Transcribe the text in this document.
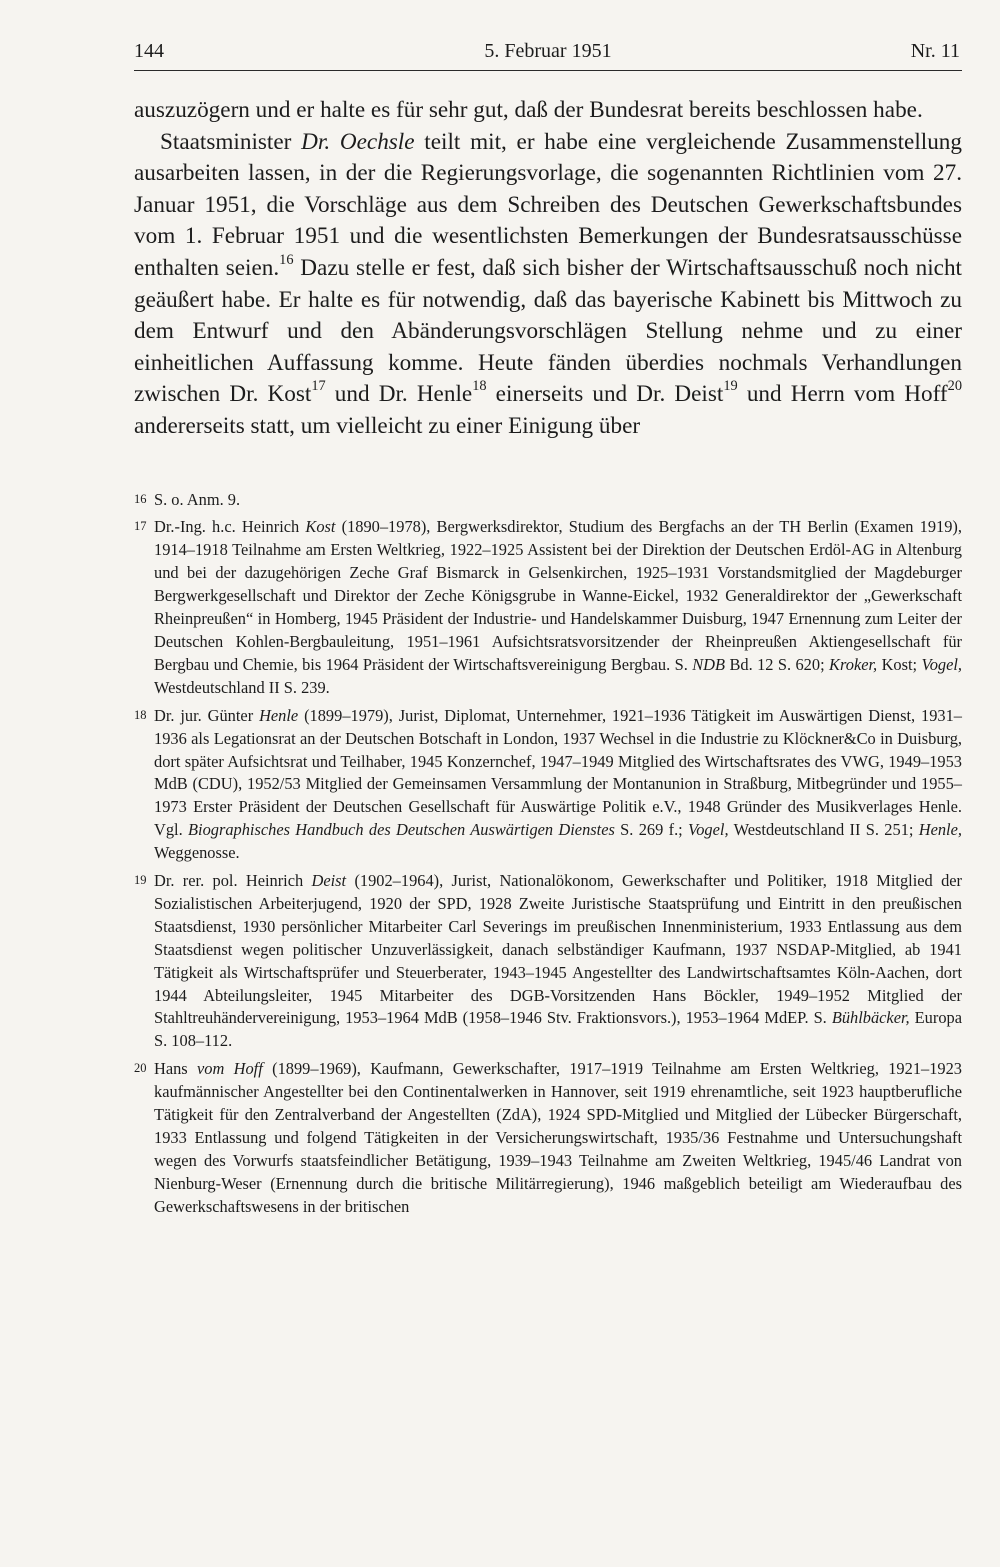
144	5. Februar 1951	Nr. 11

auszuzögern und er halte es für sehr gut, daß der Bundesrat bereits beschlossen habe.

Staatsminister Dr. Oechsle teilt mit, er habe eine vergleichende Zusammenstellung ausarbeiten lassen, in der die Regierungsvorlage, die sogenannten Richtlinien vom 27. Januar 1951, die Vorschläge aus dem Schreiben des Deutschen Gewerkschaftsbundes vom 1. Februar 1951 und die wesentlichsten Bemerkungen der Bundesratsausschüsse enthalten seien.$^{16}$ Dazu stelle er fest, daß sich bisher der Wirtschaftsausschuß noch nicht geäußert habe. Er halte es für notwendig, daß das bayerische Kabinett bis Mittwoch zu dem Entwurf und den Abänderungsvorschlägen Stellung nehme und zu einer einheitlichen Auffassung komme. Heute fänden überdies nochmals Verhandlungen zwischen Dr. Kost$^{17}$ und Dr. Henle$^{18}$ einerseits und Dr. Deist$^{19}$ und Herrn vom Hoff$^{20}$ andererseits statt, um vielleicht zu einer Einigung über

16 S. o. Anm. 9.
17 Dr.-Ing. h.c. Heinrich Kost (1890–1978), Bergwerksdirektor, Studium des Bergfachs an der TH Berlin (Examen 1919), 1914–1918 Teilnahme am Ersten Weltkrieg, 1922–1925 Assistent bei der Direktion der Deutschen Erdöl-AG in Altenburg und bei der dazugehörigen Zeche Graf Bismarck in Gelsenkirchen, 1925–1931 Vorstandsmitglied der Magdeburger Bergwerkgesellschaft und Direktor der Zeche Königsgrube in Wanne-Eickel, 1932 Generaldirektor der „Gewerkschaft Rheinpreußen“ in Homberg, 1945 Präsident der Industrie- und Handelskammer Duisburg, 1947 Ernennung zum Leiter der Deutschen Kohlen-Bergbauleitung, 1951–1961 Aufsichtsratsvorsitzender der Rheinpreußen Aktiengesellschaft für Bergbau und Chemie, bis 1964 Präsident der Wirtschaftsvereinigung Bergbau. S. NDB Bd. 12 S. 620; Kroker, Kost; Vogel, Westdeutschland II S. 239.
18 Dr. jur. Günter Henle (1899–1979), Jurist, Diplomat, Unternehmer, 1921–1936 Tätigkeit im Auswärtigen Dienst, 1931–1936 als Legationsrat an der Deutschen Botschaft in London, 1937 Wechsel in die Industrie zu Klöckner&Co in Duisburg, dort später Aufsichtsrat und Teilhaber, 1945 Konzernchef, 1947–1949 Mitglied des Wirtschaftsrates des VWG, 1949–1953 MdB (CDU), 1952/53 Mitglied der Gemeinsamen Versammlung der Montanunion in Straßburg, Mitbegründer und 1955–1973 Erster Präsident der Deutschen Gesellschaft für Auswärtige Politik e.V., 1948 Gründer des Musikverlages Henle. Vgl. Biographisches Handbuch des Deutschen Auswärtigen Dienstes S. 269 f.; Vogel, Westdeutschland II S. 251; Henle, Weggenosse.
19 Dr. rer. pol. Heinrich Deist (1902–1964), Jurist, Nationalökonom, Gewerkschafter und Politiker, 1918 Mitglied der Sozialistischen Arbeiterjugend, 1920 der SPD, 1928 Zweite Juristische Staatsprüfung und Eintritt in den preußischen Staatsdienst, 1930 persönlicher Mitarbeiter Carl Severings im preußischen Innenministerium, 1933 Entlassung aus dem Staatsdienst wegen politischer Unzuverlässigkeit, danach selbständiger Kaufmann, 1937 NSDAP-Mitglied, ab 1941 Tätigkeit als Wirtschaftsprüfer und Steuerberater, 1943–1945 Angestellter des Landwirtschaftsamtes Köln-Aachen, dort 1944 Abteilungsleiter, 1945 Mitarbeiter des DGB-Vorsitzenden Hans Böckler, 1949–1952 Mitglied der Stahltreuhändervereinigung, 1953–1964 MdB (1958–1946 Stv. Fraktionsvors.), 1953–1964 MdEP. S. Bühlbäcker, Europa S. 108–112.
20 Hans vom Hoff (1899–1969), Kaufmann, Gewerkschafter, 1917–1919 Teilnahme am Ersten Weltkrieg, 1921–1923 kaufmännischer Angestellter bei den Continentalwerken in Hannover, seit 1919 ehrenamtliche, seit 1923 hauptberufliche Tätigkeit für den Zentralverband der Angestellten (ZdA), 1924 SPD-Mitglied und Mitglied der Lübecker Bürgerschaft, 1933 Entlassung und folgend Tätigkeiten in der Versicherungswirtschaft, 1935/36 Festnahme und Untersuchungshaft wegen des Vorwurfs staatsfeindlicher Betätigung, 1939–1943 Teilnahme am Zweiten Weltkrieg, 1945/46 Landrat von Nienburg-Weser (Ernennung durch die britische Militärregierung), 1946 maßgeblich beteiligt am Wiederaufbau des Gewerkschaftswesens in der britischen
